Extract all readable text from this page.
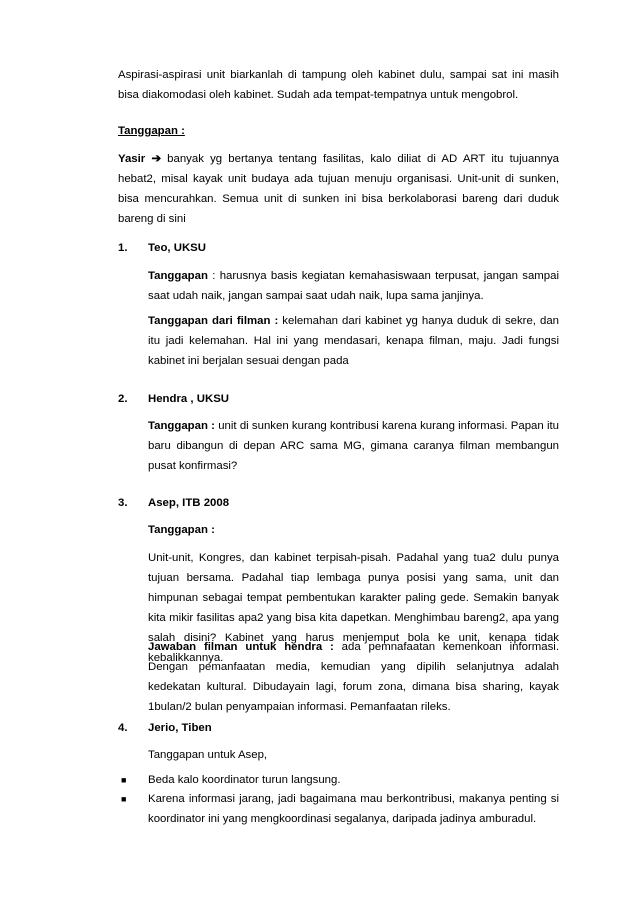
Aspirasi-aspirasi unit biarkanlah di tampung oleh kabinet dulu, sampai sat ini masih bisa diakomodasi oleh kabinet. Sudah ada tempat-tempatnya untuk mengobrol.
Tanggapan :
Yasir ➔ banyak yg bertanya tentang fasilitas, kalo diliat di AD ART itu tujuannya hebat2, misal kayak unit budaya ada tujuan menuju organisasi. Unit-unit di sunken, bisa mencurahkan. Semua unit di sunken ini bisa berkolaborasi bareng dari duduk bareng di sini
1. Teo, UKSU
Tanggapan : harusnya basis kegiatan kemahasiswaan terpusat, jangan sampai saat udah naik, jangan sampai saat udah naik, lupa sama janjinya.
Tanggapan dari filman : kelemahan dari kabinet yg hanya duduk di sekre, dan itu jadi kelemahan. Hal ini yang mendasari, kenapa filman, maju. Jadi fungsi kabinet ini berjalan sesuai dengan pada
2. Hendra , UKSU
Tanggapan : unit di sunken kurang kontribusi karena kurang informasi. Papan itu baru dibangun di depan ARC sama MG, gimana caranya filman membangun pusat konfirmasi?
3. Asep, ITB 2008
Tanggapan :
Unit-unit, Kongres, dan kabinet terpisah-pisah. Padahal yang tua2 dulu punya tujuan bersama. Padahal tiap lembaga punya posisi yang sama, unit dan himpunan sebagai tempat pembentukan karakter paling gede. Semakin banyak kita mikir fasilitas apa2 yang bisa kita dapetkan. Menghimbau bareng2, apa yang salah disini? Kabinet yang harus menjemput bola ke unit, kenapa tidak kebalikkannya.
Jawaban filman untuk hendra : ada pemnafaatan kemenkoan informasi. Dengan pemanfaatan media, kemudian yang dipilih selanjutnya adalah kedekatan kultural. Dibudayain lagi, forum zona, dimana bisa sharing, kayak 1bulan/2 bulan penyampaian informasi. Pemanfaatan rileks.
4. Jerio, Tiben
Tanggapan untuk Asep,
■ Beda kalo koordinator turun langsung.
■ Karena informasi jarang, jadi bagaimana mau berkontribusi, makanya penting si koordinator ini yang mengkoordinasi segalanya, daripada jadinya amburadul.
